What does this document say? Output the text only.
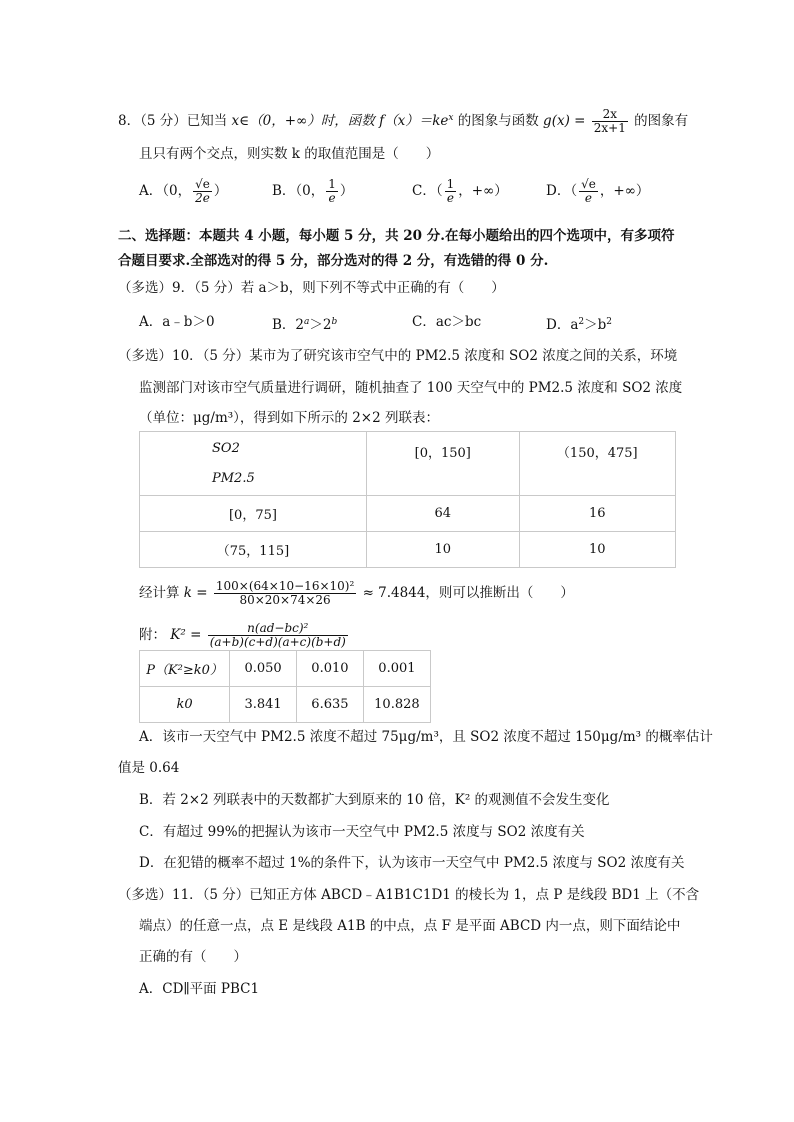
8．（5 分）已知当 x∈（0，+∞）时，函数 $f(x)=ke^x$ 的图象与函数 $g(x) = \frac{2x}{2x+1}$ 的图象有
且只有两个交点，则实数 k 的取值范围是（　　）
A．（0， $\frac{√e}{2e}$ ）	B．（0， $\frac{1}{e}$ ）	C．（ $\frac{1}{e}$ ，+∞）	D．（ $\frac{√e}{e}$ ，+∞）
二、选择题：本题共 4 小题，每小题 5 分，共 20 分.在每小题给出的四个选项中，有多项符
合题目要求.全部选对的得 5 分，部分选对的得 2 分，有选错的得 0 分.
（多选）9．（5 分）若 a＞b，则下列不等式中正确的有（　　）
A．a﹣b＞0	B．$2^a>2^b$	C．ac＞bc	D．$a^2>b^2$
（多选）10．（5 分）某市为了研究该市空气中的 PM2.5 浓度和 SO2 浓度之间的关系，环境
监测部门对该市空气质量进行调研，随机抽查了 100 天空气中的 PM2.5 浓度和 SO2 浓度
（单位：μg/m³），得到如下所示的 2×2 列联表：
SO2
PM2.5	[0，150]	（150，475]
[0，75]	64	16
（75，115]	10	10
经计算 $k = \frac{\text{100×(64×10−16×10)²}}{80\times 20\times 74\times 26} \approx 7.4844$，则可以推断出（　　）
附： $K^2 = \frac{\text{n(ad−bc)²}}{(a+b)(c+d)(a+c)(b+d)}$
P（K²≥k0）	0.050	0.010	0.001
k0	3.841	6.635	10.828
A．该市一天空气中 PM2.5 浓度不超过 75μg/m³，且 SO2 浓度不超过 150μg/m³ 的概率估计
值是 0.64
B．若 2×2 列联表中的天数都扩大到原来的 10 倍，K² 的观测值不会发生变化
C．有超过 99%的把握认为该市一天空气中 PM2.5 浓度与 SO2 浓度有关
D．在犯错的概率不超过 1%的条件下，认为该市一天空气中 PM2.5 浓度与 SO2 浓度有关
（多选）11．（5 分）已知正方体 ABCD﹣A1B1C1D1 的棱长为 1，点 P 是线段 BD1 上（不含
端点）的任意一点，点 E 是线段 A1B 的中点，点 F 是平面 ABCD 内一点，则下面结论中
正确的有（　　）
A．CD∥平面 PBC1
